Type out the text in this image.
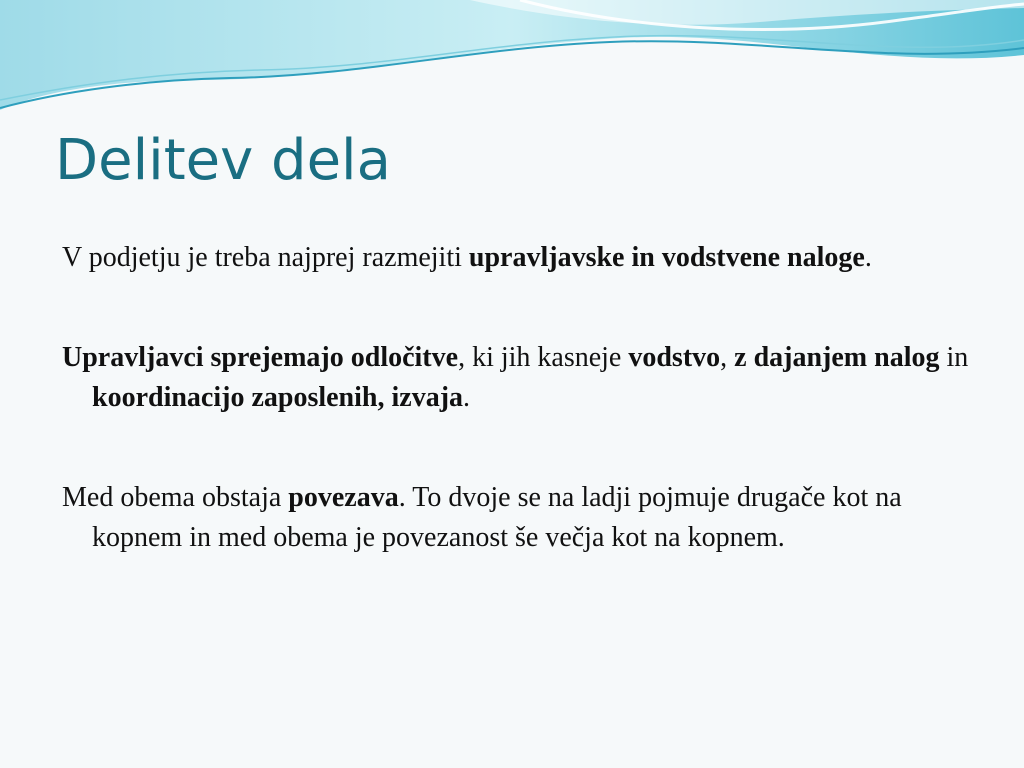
Delitev dela

V podjetju je treba najprej razmejiti upravljavske in vodstvene naloge.

Upravljavci sprejemajo odločitve, ki jih kasneje vodstvo, z dajanjem nalog in koordinacijo zaposlenih, izvaja.

Med obema obstaja povezava. To dvoje se na ladji pojmuje drugače kot na kopnem in med obema je povezanost še večja kot na kopnem.
